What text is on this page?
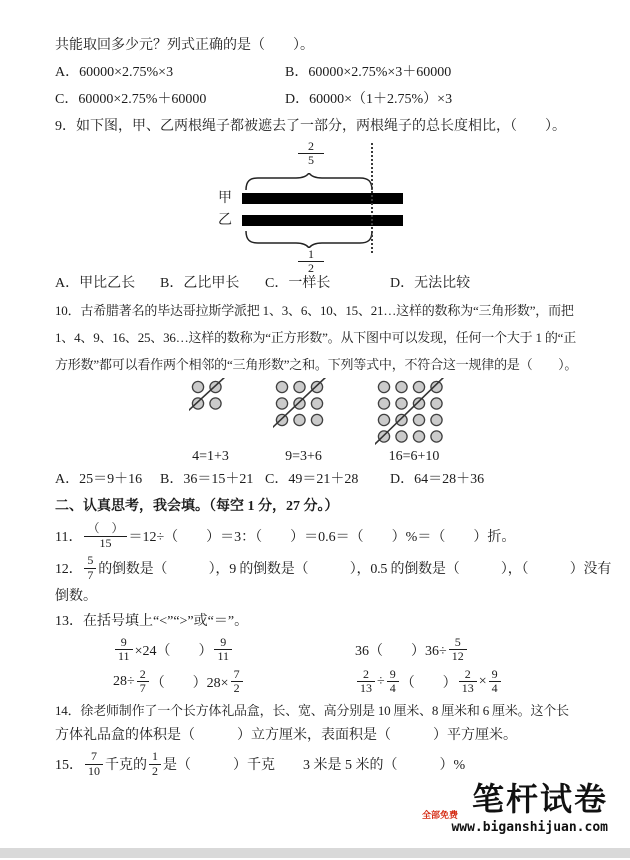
共能取回多少元？列式正确的是（　　）。
A．60000×2.75%×3	B．60000×2.75%×3＋60000
C．60000×2.75%＋60000	D．60000×（1＋2.75%）×3
9．如下图，甲、乙两根绳子都被遮去了一部分，两根绳子的总长度相比，（　　）。
$\frac{2}{5}$
甲
乙
$\frac{1}{2}$
A．甲比乙长	B．乙比甲长	C．一样长	D．无法比较
10．古希腊著名的毕达哥拉斯学派把 1、3、6、10、15、21…这样的数称为“三角形数”，而把
1、4、9、16、25、36…这样的数称为“正方形数”。从下图中可以发现，任何一个大于 1 的“正
方形数”都可以看作两个相邻的“三角形数”之和。下列等式中，不符合这一规律的是（　　）。
4=1+3	9=3+6	16=6+10
A．25＝9＋16	B．36＝15＋21 C．49＝21＋28	D．64＝28＋36
二、认真思考，我会填。（每空 1 分，27 分。）
11． $\frac{( )}{15} =12\div$（　　）＝3：（　　）＝0.6＝（　　）%＝（　　）折。
12． $\frac{5}{7}$ 的倒数是（　　　），9 的倒数是（　　　），0.5 的倒数是（　　　），（　　　）没有
倒数。
13．在括号填上“<”“>”或“＝”。
$\frac{9}{11} \times 24$（　　） $\frac{9}{11}$	36（　　）$36\div \frac{5}{12}$
$28\div \frac{2}{7}$ （　　）$28\times \frac{7}{2}$	$\frac{2}{13} \div \frac{9}{4}$ （　　） $\frac{2}{13} \times \frac{9}{4}$
14．徐老师制作了一个长方体礼品盒，长、宽、高分别是 10 厘米、8 厘米和 6 厘米。这个长
方体礼品盒的体积是（　　　）立方厘米，表面积是（　　　）平方厘米。
15． $\frac{7}{10}$ 千克的 $\frac{1}{2}$ 是（　　　）千克　　3 米是 5 米的（　　　）%
笔杆试卷
全部免费
www.biganshijuan.com
